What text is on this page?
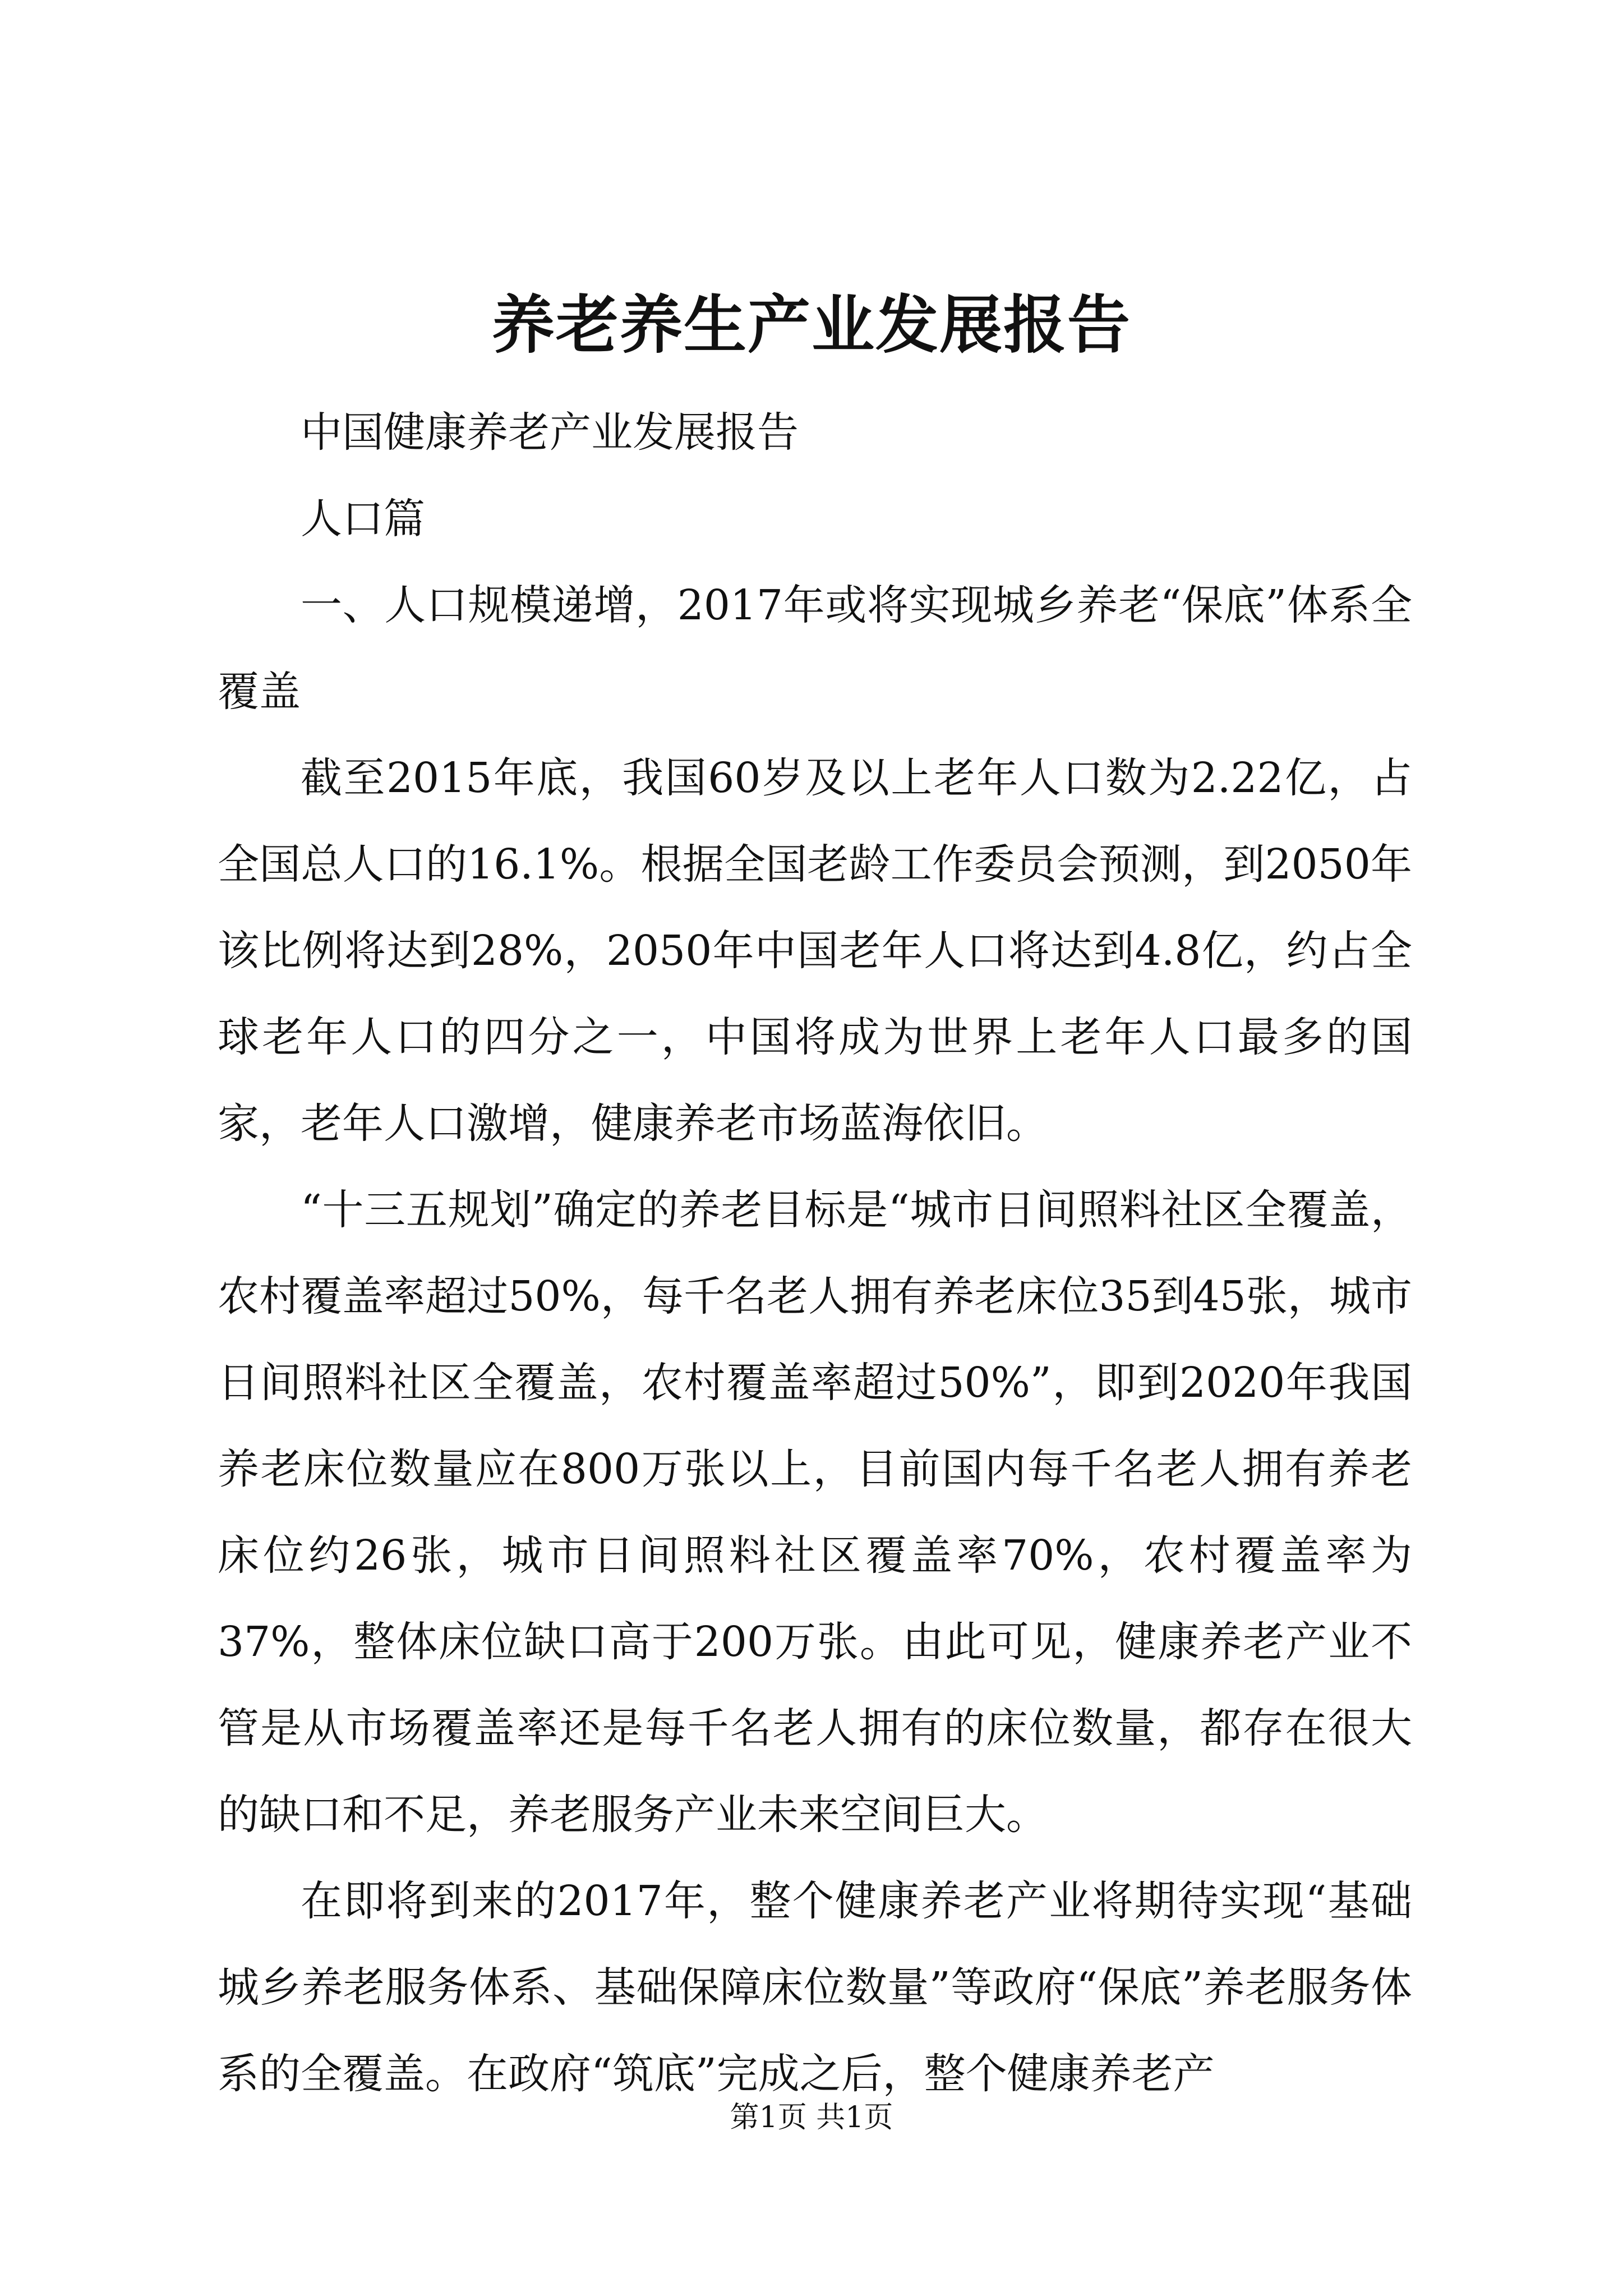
养老养生产业发展报告

中国健康养老产业发展报告

人口篇

一、人口规模递增，2017年或将实现城乡养老“保底”体系全覆盖

截至2015年底，我国60岁及以上老年人口数为2.22亿，占全国总人口的16.1%。根据全国老龄工作委员会预测，到2050年该比例将达到28%，2050年中国老年人口将达到4.8亿，约占全球老年人口的四分之一，中国将成为世界上老年人口最多的国家，老年人口激增，健康养老市场蓝海依旧。

“十三五规划”确定的养老目标是“城市日间照料社区全覆盖，农村覆盖率超过50%，每千名老人拥有养老床位35到45张，城市日间照料社区全覆盖，农村覆盖率超过50%”，即到2020年我国养老床位数量应在800万张以上，目前国内每千名老人拥有养老床位约26张，城市日间照料社区覆盖率70%，农村覆盖率为37%，整体床位缺口高于200万张。由此可见，健康养老产业不管是从市场覆盖率还是每千名老人拥有的床位数量，都存在很大的缺口和不足，养老服务产业未来空间巨大。

在即将到来的2017年，整个健康养老产业将期待实现“基础城乡养老服务体系、基础保障床位数量”等政府“保底”养老服务体系的全覆盖。在政府“筑底”完成之后，整个健康养老产

第1页 共1页
